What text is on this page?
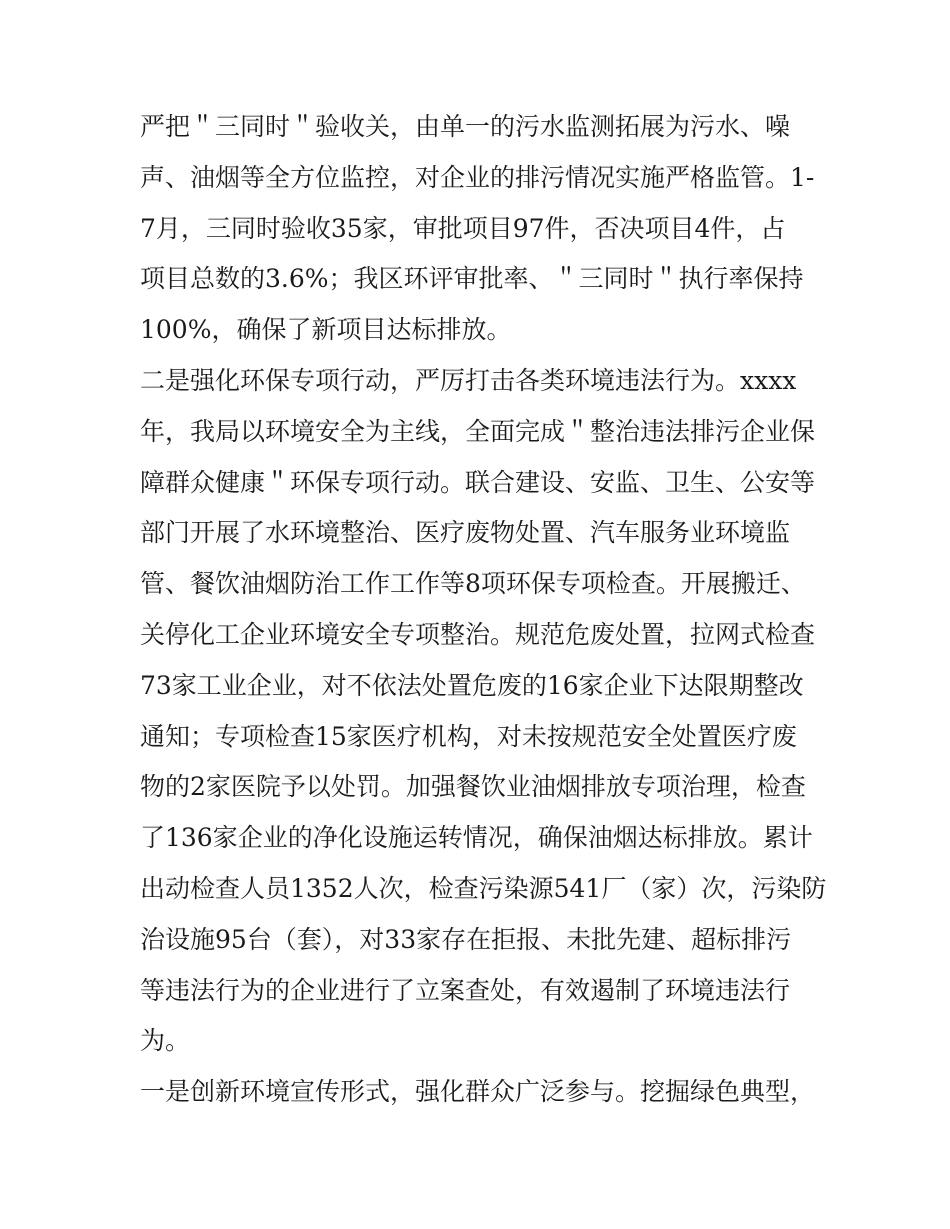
严把＂三同时＂验收关，由单一的污水监测拓展为污水、噪
声、油烟等全方位监控，对企业的排污情况实施严格监管。1-
7月，三同时验收35家，审批项目97件，否决项目4件，占
项目总数的3.6%；我区环评审批率、＂三同时＂执行率保持
100%，确保了新项目达标排放。
二是强化环保专项行动，严厉打击各类环境违法行为。xxxx
年，我局以环境安全为主线，全面完成＂整治违法排污企业保
障群众健康＂环保专项行动。联合建设、安监、卫生、公安等
部门开展了水环境整治、医疗废物处置、汽车服务业环境监
管、餐饮油烟防治工作工作等8项环保专项检查。开展搬迁、
关停化工企业环境安全专项整治。规范危废处置，拉网式检查
73家工业企业，对不依法处置危废的16家企业下达限期整改
通知；专项检查15家医疗机构，对未按规范安全处置医疗废
物的2家医院予以处罚。加强餐饮业油烟排放专项治理，检查
了136家企业的净化设施运转情况，确保油烟达标排放。累计
出动检查人员1352人次，检查污染源541厂（家）次，污染防
治设施95台（套），对33家存在拒报、未批先建、超标排污
等违法行为的企业进行了立案查处，有效遏制了环境违法行
为。
一是创新环境宣传形式，强化群众广泛参与。挖掘绿色典型，
